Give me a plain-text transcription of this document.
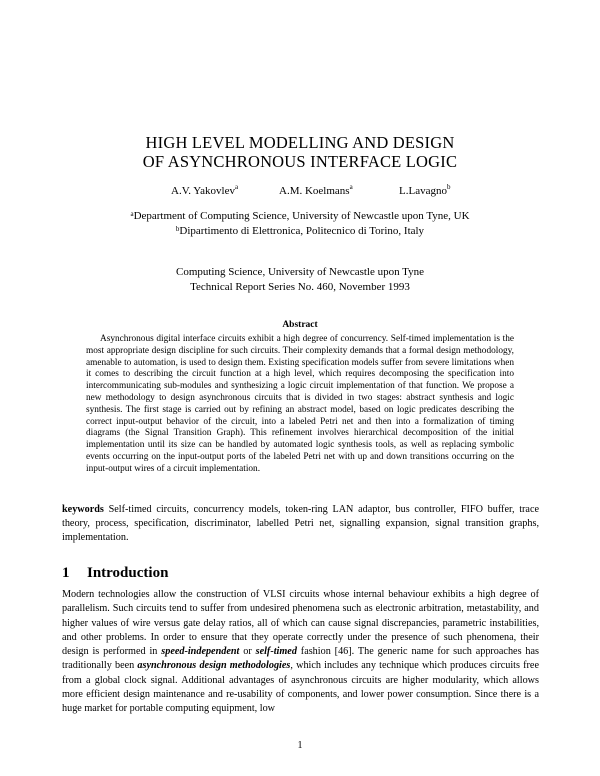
HIGH LEVEL MODELLING AND DESIGN
OF ASYNCHRONOUS INTERFACE LOGIC
A.V. Yakovlev$^a$	A.M. Koelmans$^a$	L.Lavagno$^b$
$^a$Department of Computing Science, University of Newcastle upon Tyne, UK
$^b$Dipartimento di Elettronica, Politecnico di Torino, Italy
Computing Science, University of Newcastle upon Tyne
Technical Report Series No. 460, November 1993
Abstract
Asynchronous digital interface circuits exhibit a high degree of concurrency. Self-timed implementation is the most appropriate design discipline for such circuits. Their complexity demands that a formal design methodology, amenable to automation, is used to design them. Existing specification models suffer from severe limitations when it comes to describing the circuit function at a high level, which requires decomposing the specification into intercommunicating sub-modules and synthesizing a logic circuit implementation of that function. We propose a new methodology to design asynchronous circuits that is divided in two stages: abstract synthesis and logic synthesis. The first stage is carried out by refining an abstract model, based on logic predicates describing the correct input-output behavior of the circuit, into a labeled Petri net and then into a formalization of timing diagrams (the Signal Transition Graph). This refinement involves hierarchical decomposition of the initial implementation until its size can be handled by automated logic synthesis tools, as well as replacing symbolic events occurring on the input-output ports of the labeled Petri net with up and down transitions occurring on the input-output wires of a circuit implementation.
keywords Self-timed circuits, concurrency models, token-ring LAN adaptor, bus controller, FIFO buffer, trace theory, process, specification, discriminator, labelled Petri net, signalling expansion, signal transition graphs, implementation.
1 Introduction
Modern technologies allow the construction of VLSI circuits whose internal behaviour exhibits a high degree of parallelism. Such circuits tend to suffer from undesired phenomena such as electronic arbitration, metastability, and higher values of wire versus gate delay ratios, all of which can cause signal discrepancies, parametric instabilities, and other problems. In order to ensure that they operate correctly under the presence of such phenomena, their design is performed in speed-independent or self-timed fashion [46]. The generic name for such approaches has traditionally been asynchronous design methodologies, which includes any technique which produces circuits free from a global clock signal. Additional advantages of asynchronous circuits are higher modularity, which allows more efficient design maintenance and re-usability of components, and lower power consumption. Since there is a huge market for portable computing equipment, low
1
